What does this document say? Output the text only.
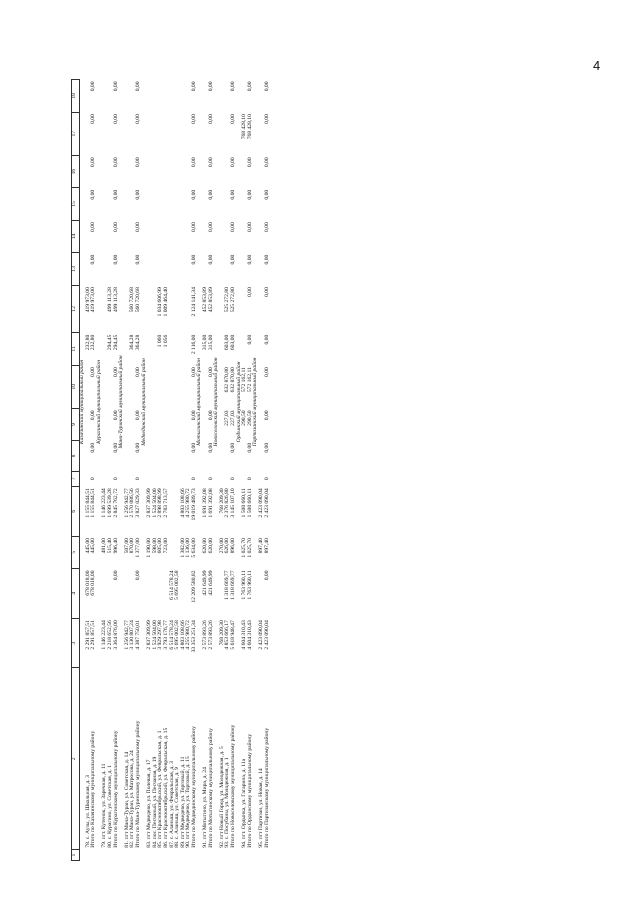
4
1	2	3	4	5	6	7	8	9	10	11	12	13	14	15	16	17	18
							Казачинский муниципальный район										
	78. с. Аузы, ул. Школьная, д. 3	2 291 857,51	678 018,00	445,00	1 155 844,51					232,80	419 973,00						
	Итого по Казачинскому муниципальному району	2 291 857,51	678 018,00	445,00	1 155 844,51	0	0,00	0,00	0,00	232,80	419 973,00	0,00	0,00	0,00	0,00	0,00	0,00
							Курагинский муниципальный район										
	79. пгт. Кутенок, ул. Заречная, д. 11	1 146 223,44		481,00	1 146 223,44												
	80. с. Курагино, ул. Советская, д. 1	2 218 652,56		515,40	1 699 539,28					294,45	499 113,28						
	Итого по Курагинскому муниципальному району	3 364 876,00	0,00	996,40	2 845 762,72	0	0,00	0,00	0,00	294,45	499 113,28	0,00	0,00	0,00	0,00	0,00	0,00
							Мана-Туринский муниципальный район										
	81. пгт Мана-Туран, ул. Советская, д. 14	1 256 942,77		507,00	1 256 942,77												
	82. пгт Мана-Туран, ул. Матросова, д. 24	3 130 807,24		870,00	2 570 086,56					364,28	560 720,68						
	Итого по Мана-Туринскому муниципальному району	4 387 750,01	0,00	1 377,00	3 827 029,33	0	0,00	0,00	0,00	364,28	560 720,68	0,00	0,00	0,00	0,00	0,00	0,00
							Медвединский муниципальный район										
	83. пгт Медведево, ул. Полевая, д. 17	2 837 309,99		1 190,00	2 837 309,99												
	84. пос. Песчаный, ул. Песчаная, д. 19	1 524 504,00		598,00	1 524 504,00												
	85. пгт Краснооктябрьский, ул. Февральская, д. 1	3 929 297,98		605,00	2 898 898,99					1 060	1 034 606,99						
	86. пгт Краснооктябрьский, ул. Февральская, д. 15	3 793 176,77		723,00	2 783 713,57					1 056	1 009 464,40						
	87. с. Аланыш, ул. Февральская, д. 3	6 514 578,24	6 514 578,24														
	88. с. Аланыш, ул. Советская, д. 9	5 695 002,58	5 695 002,58														
	89. пгт Медведево, ул. Торговый, д. 11	4 803 108,66		1 382,00	4 803 108,66												
	90. пгт Медведево, ул. Торговый, д. 15	4 255 980,72		1 136,00	4 255 980,72												
	Итого по Медвединскому муниципальному району	33 353 251,34	12 209 580,82	5 634,00	19 019 489,73	0	0,00	0,00	0,00	2 116,00	2 124 141,34	0,00	0,00	0,00	0,00	0,00	0,00
							Мотыгинский муниципальный район										
	91. пгт Мотыгино, ул. Мира, д. 24	2 573 893,26	421 649,99	620,00	1 691 392,08					315,00	452 853,89						
	Итого по Мотыгинскому муниципальному району	2 573 893,26	421 649,99	620,00	1 691 392,08	0	0,00	0,00	0,00	315,00	452 853,89	0,00	0,00	0,00	0,00	0,00	0,00
							Новоселовский муниципальный район										
	92. пгт Новый Город, ул. Молодежная, д. 5	768 209,30		270,00	768 209,30												
	93. с. Посубаны, ул. Молодежная, д. 1	4 853 666,17	1 318 669,77	626,00	2 376 826,80			227,03	632 870,80	603,00	525 272,80						
	Итого по Новоселовскому муниципальному району	5 618 948,47	1 318 669,77	896,00	3 145 107,10	0	0,00	227,03	632 870,80	603,00	525 272,80	0,00	0,00	0,00	0,00	0,00	0,00
							Ордынский муниципальный район										
	94. пгт. Ордынка, ул. Гагарина, д. 11а	4 604 310,43	1 763 960,11	1 025,70	1 500 660,11			290,50	572 162,11							768 428,10	
	Итого по Ордынскому муниципальному району	4 604 310,43	1 763 960,11	1 025,70	1 500 660,11	0	0,00	290,50	572 162,11	0,00	0,00	0,00	0,00	0,00	0,00	768 428,10	0,00
							Партизанский муниципальный район										
	95. пгт Партизан, ул. Новая, д. 14	2 423 090,04		897,40	2 423 090,04												
	Итого по Партизанскому муниципальному району	2 423 090,04	0,00	897,40	2 423 090,04	0	0,00	0,00	0,00	0,00	0,00	0,00	0,00	0,00	0,00	0,00	0,00
